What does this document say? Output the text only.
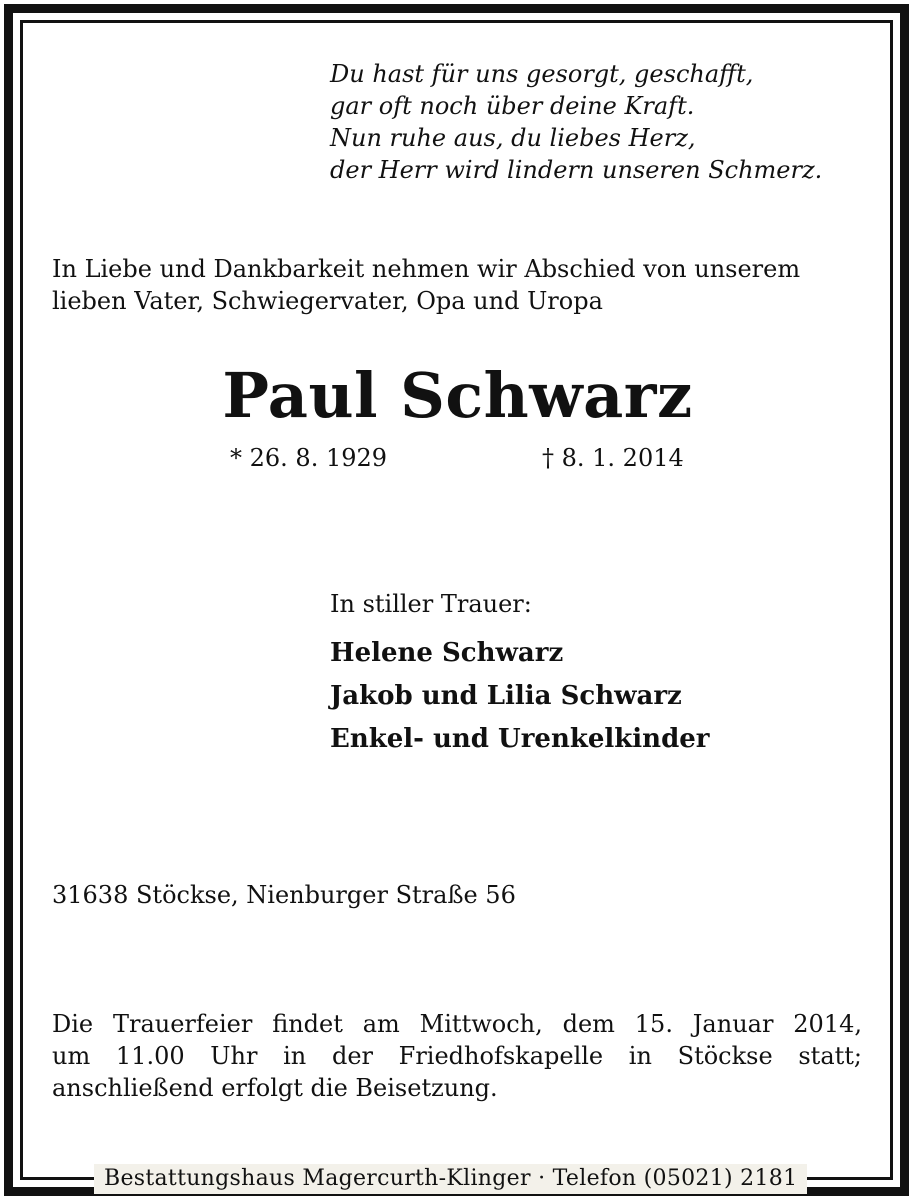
Du hast für uns gesorgt, geschafft,
gar oft noch über deine Kraft.
Nun ruhe aus, du liebes Herz,
der Herr wird lindern unseren Schmerz.
In Liebe und Dankbarkeit nehmen wir Abschied von unserem
lieben Vater, Schwiegervater, Opa und Uropa
Paul Schwarz
* 26. 8. 1929	† 8. 1. 2014
In stiller Trauer:
Helene Schwarz
Jakob und Lilia Schwarz
Enkel- und Urenkelkinder
31638 Stöckse, Nienburger Straße 56
Die Trauerfeier findet am Mittwoch, dem 15. Januar 2014,
um 11.00 Uhr in der Friedhofskapelle in Stöckse statt;
anschließend erfolgt die Beisetzung.
Bestattungshaus Magercurth-Klinger · Telefon (05021) 2181
